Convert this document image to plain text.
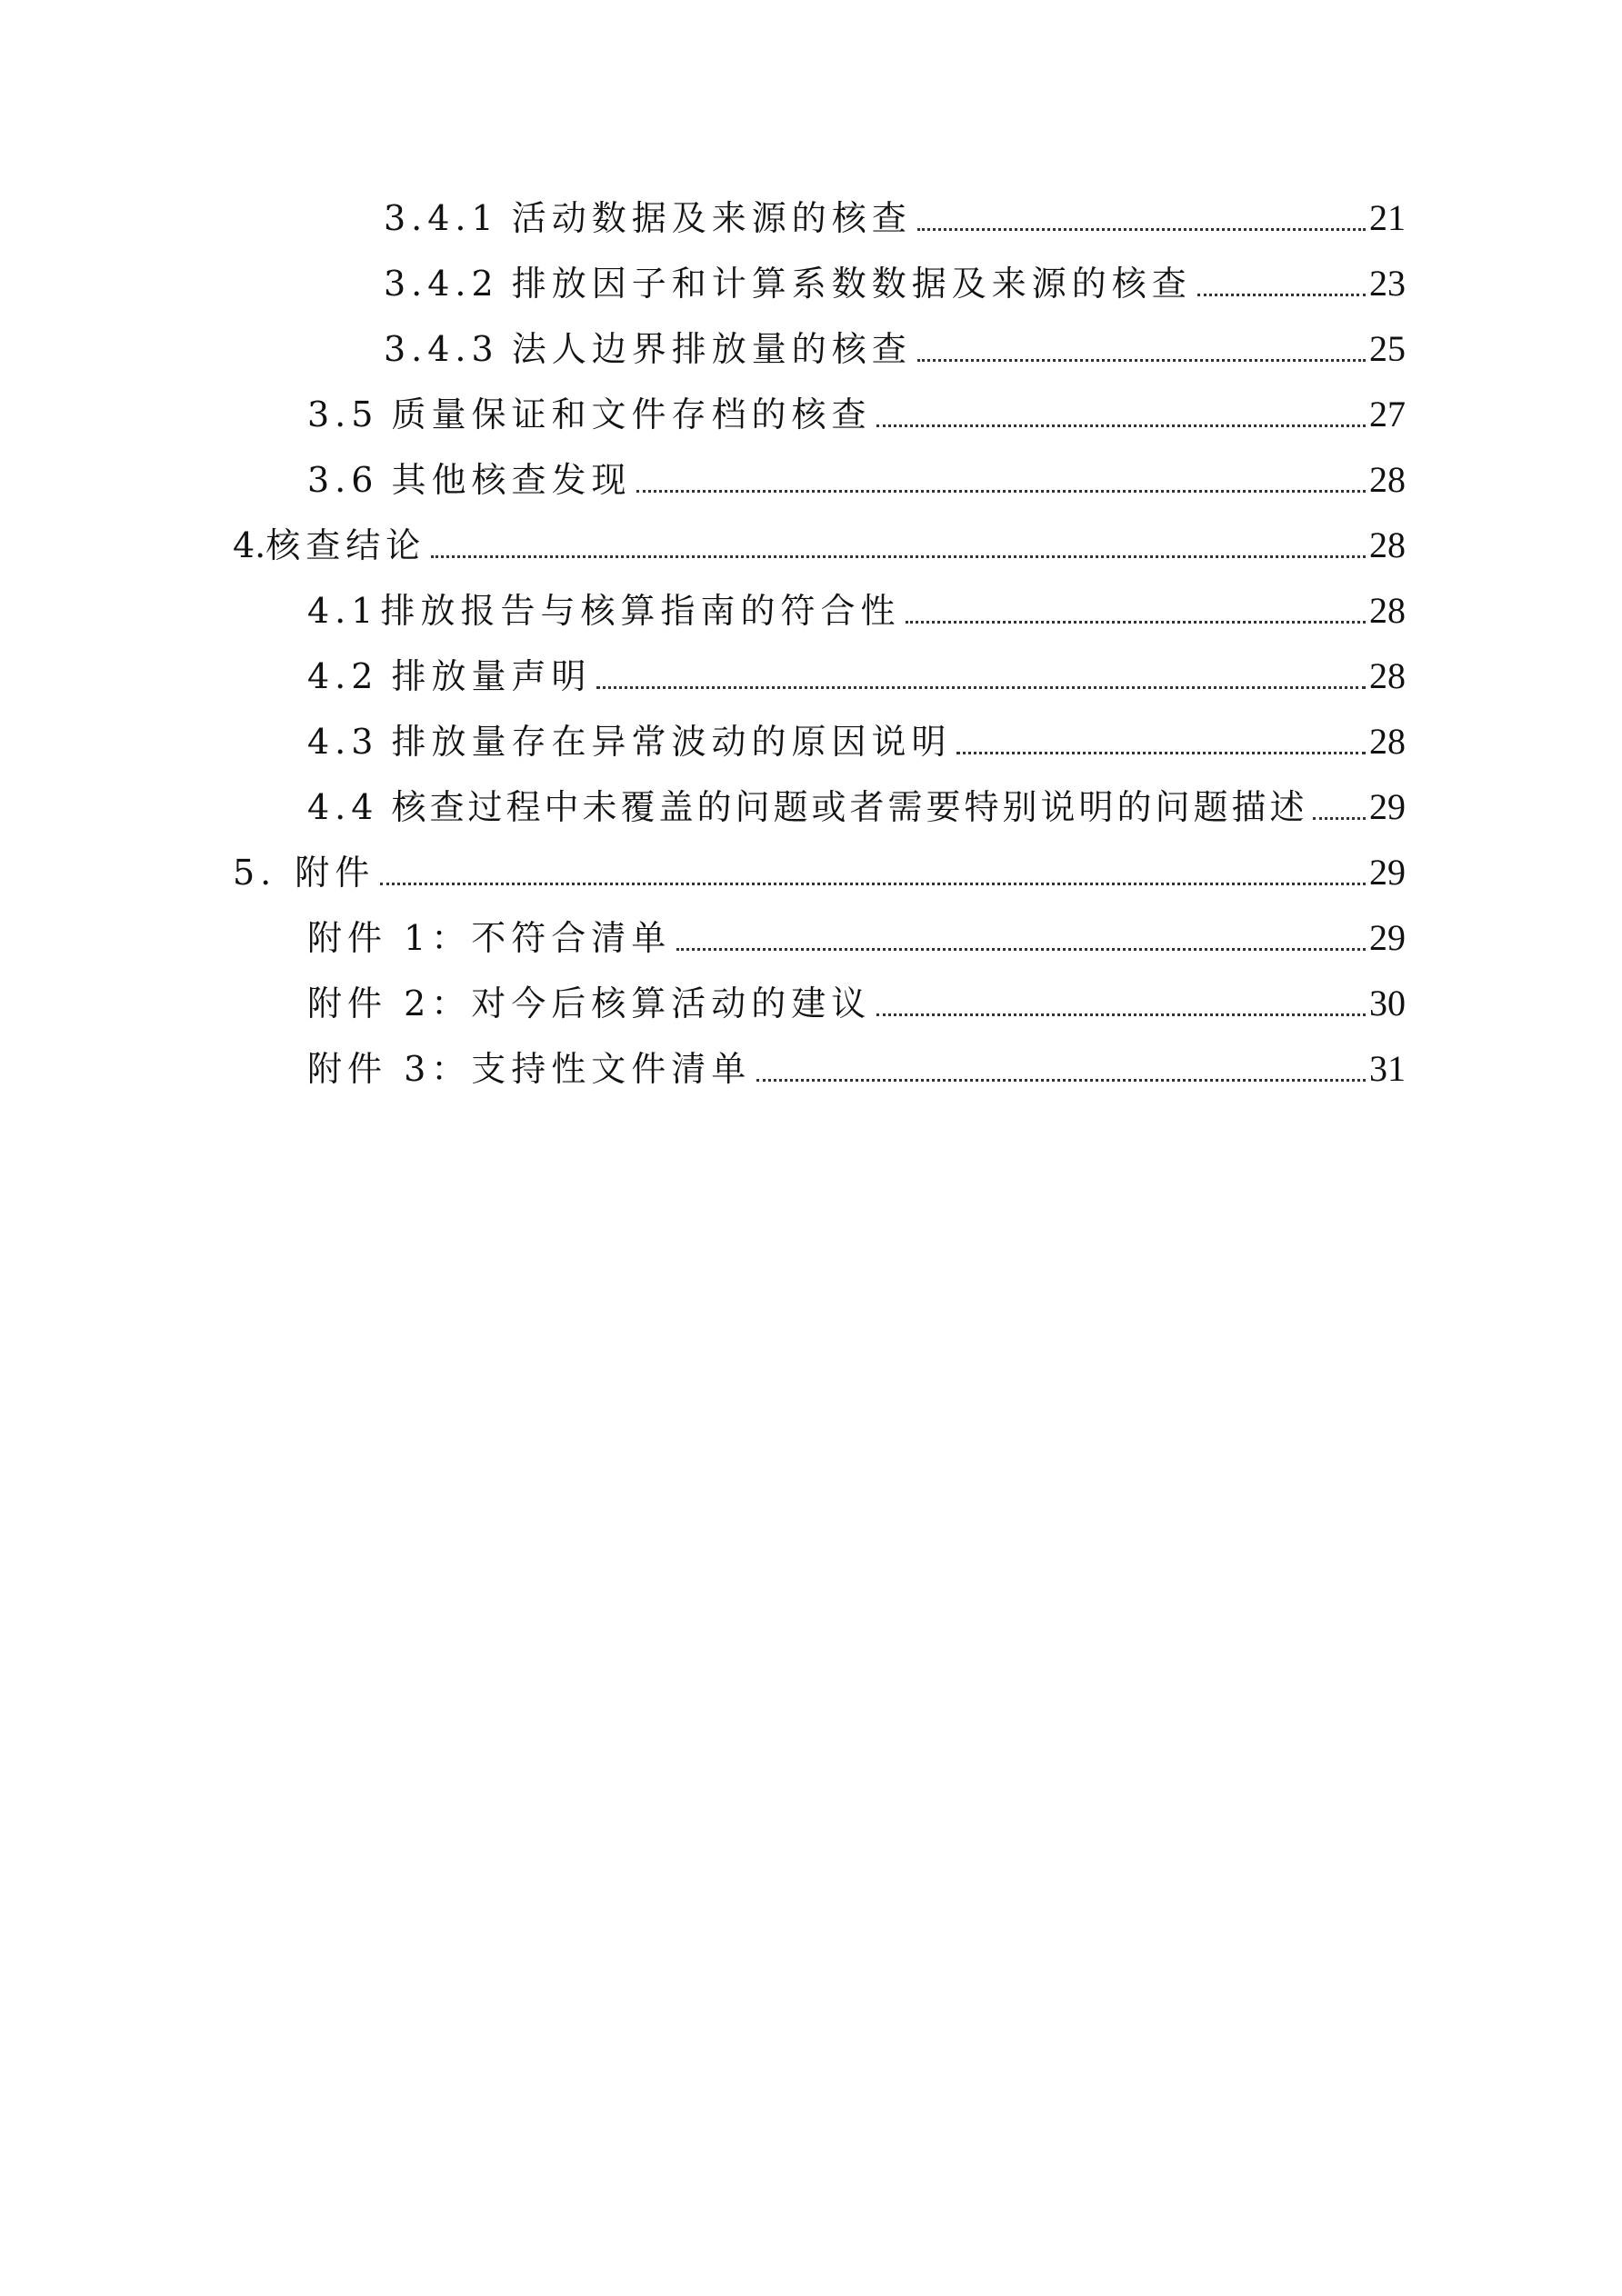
3.4.1 活动数据及来源的核查	21
3.4.2 排放因子和计算系数数据及来源的核查	23
3.4.3 法人边界排放量的核查	25
3.5 质量保证和文件存档的核查	27
3.6 其他核查发现	28
4. 核查结论	28
4.1 排放报告与核算指南的符合性	28
4.2 排放量声明	28
4.3 排放量存在异常波动的原因说明	28
4.4 核查过程中未覆盖的问题或者需要特别说明的问题描述 29
5. 附件	29
附件 1： 不符合清单	29
附件 2： 对今后核算活动的建议	30
附件 3： 支持性文件清单	31
